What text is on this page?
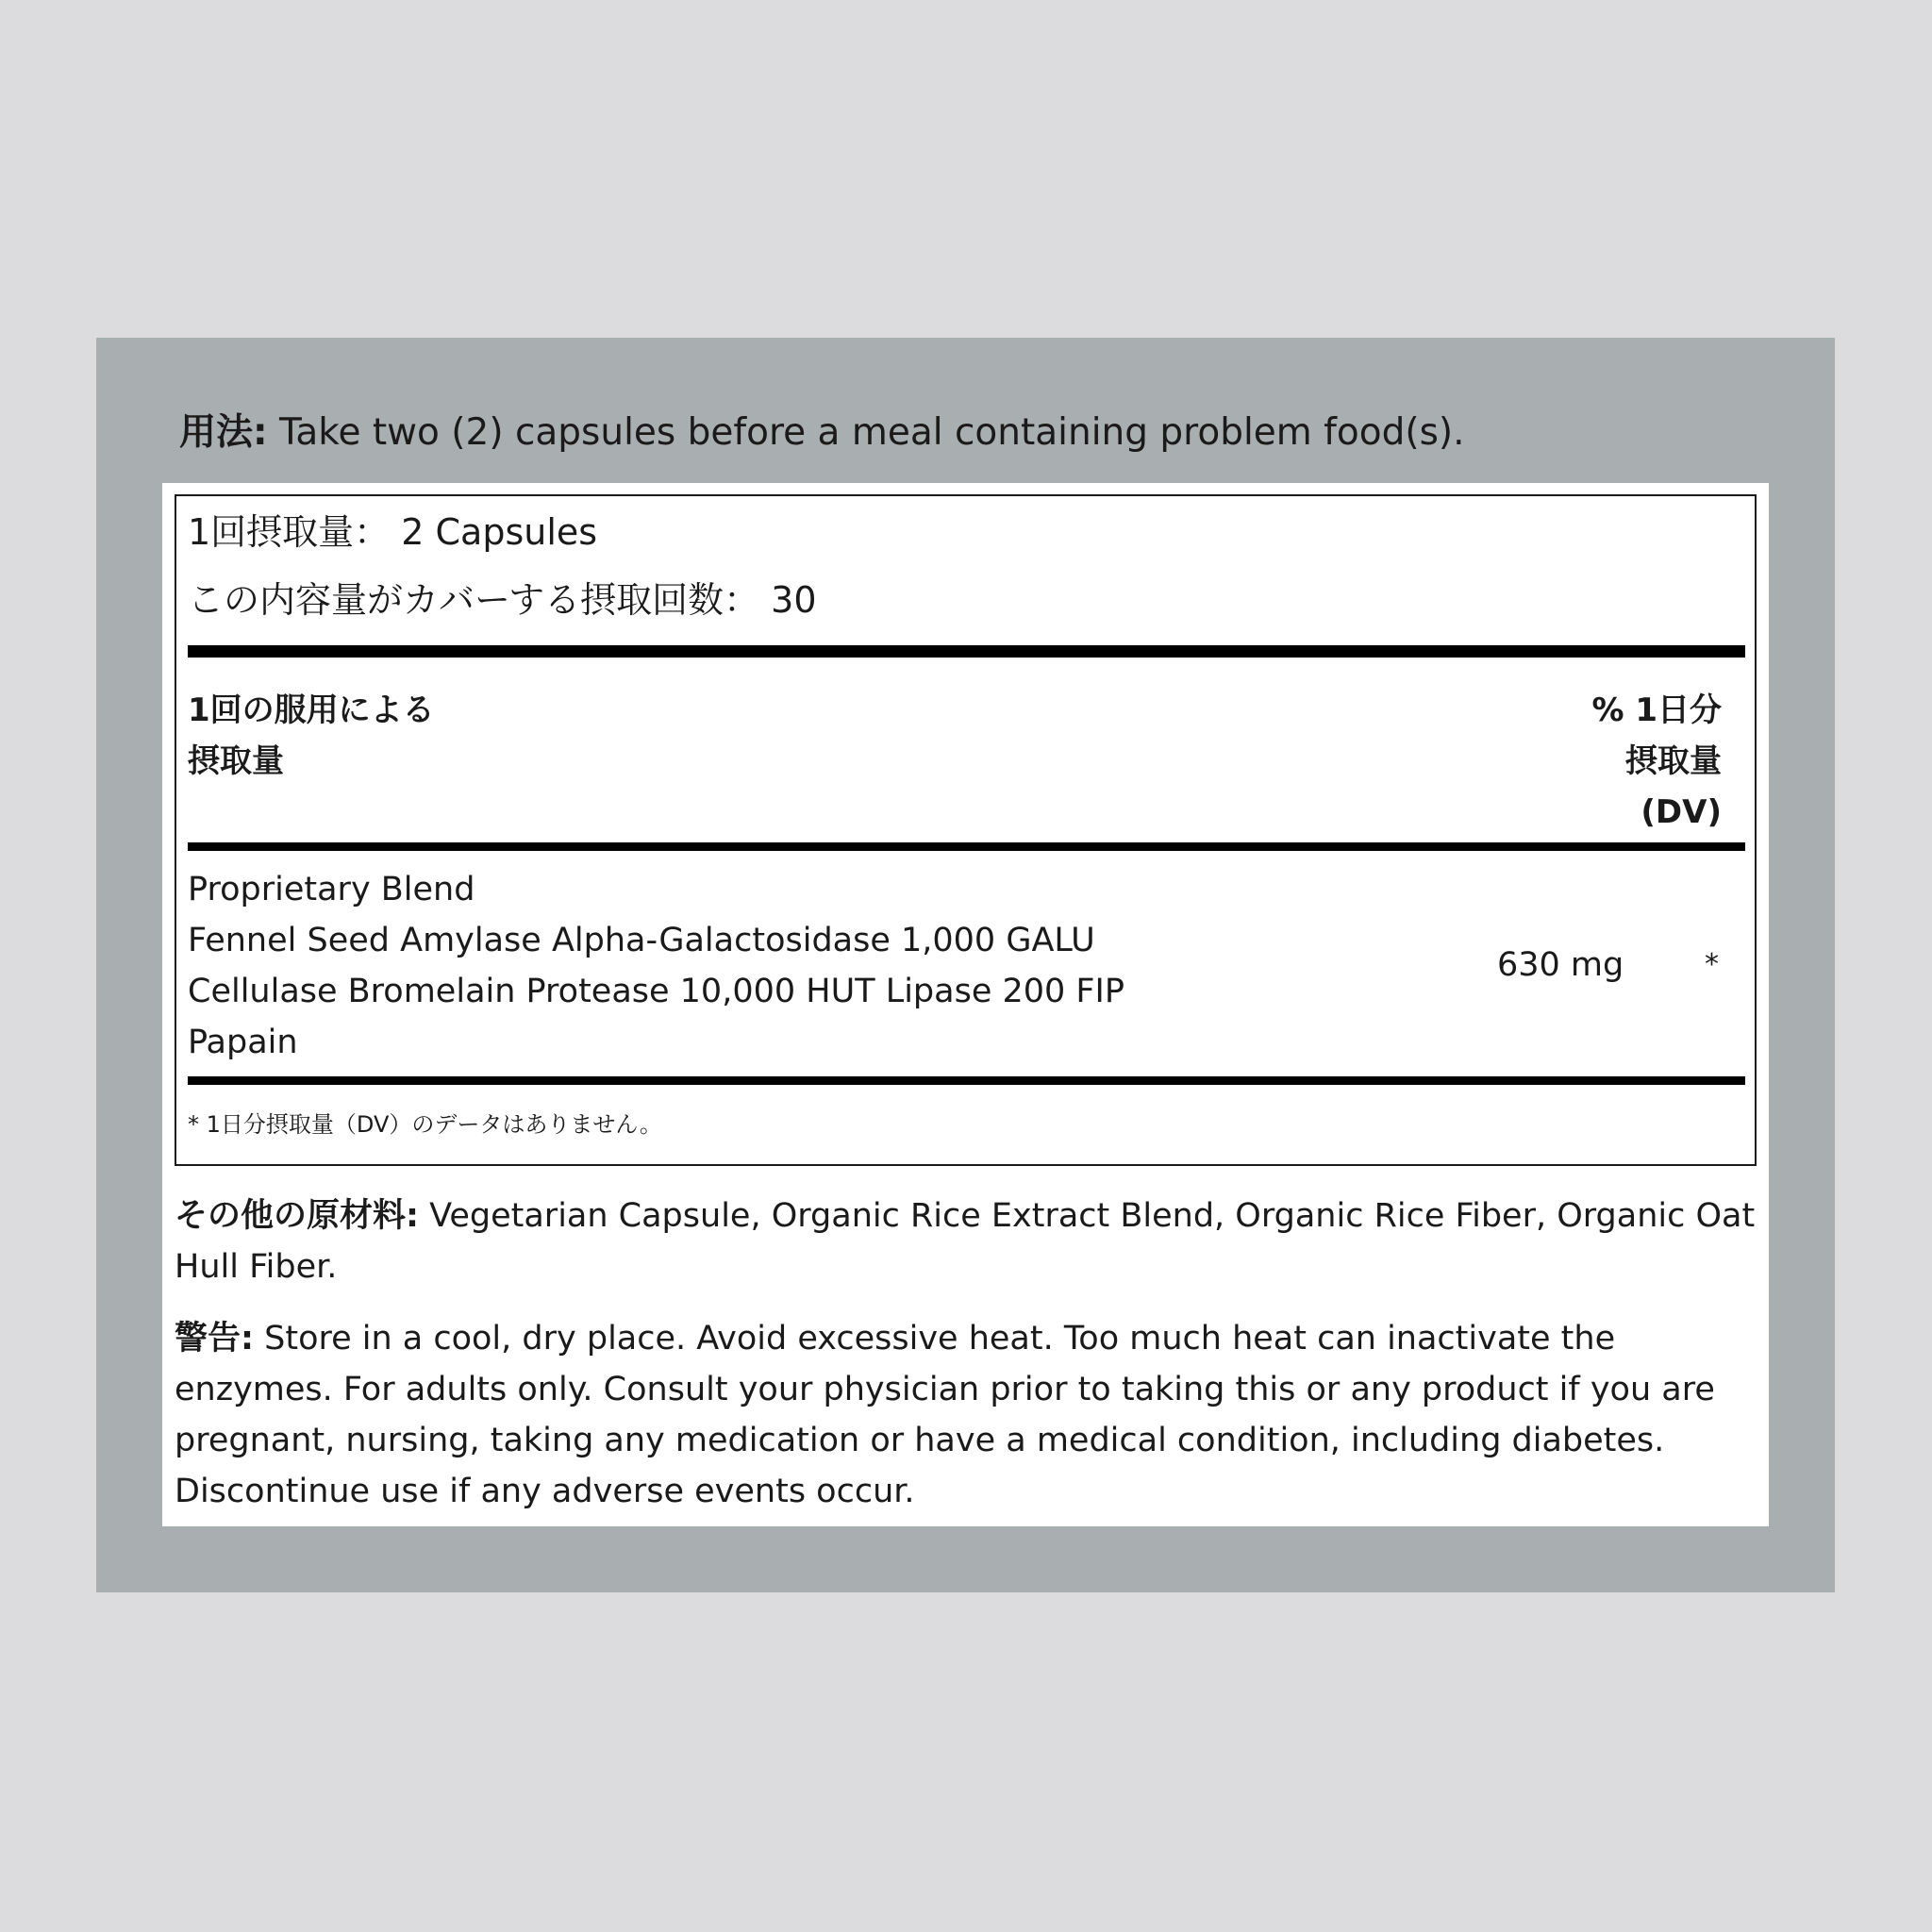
用法: Take two (2) capsules before a meal containing problem food(s).
1回摂取量： 2 Capsules
この内容量がカバーする摂取回数： 30
1回の服用による
摂取量
% 1日分
摂取量
(DV)
Proprietary Blend
Fennel Seed Amylase Alpha-Galactosidase 1,000 GALU
Cellulase Bromelain Protease 10,000 HUT Lipase 200 FIP
Papain
630 mg	*
* 1日分摂取量（DV）のデータはありません。
その他の原材料: Vegetarian Capsule, Organic Rice Extract Blend, Organic Rice Fiber, Organic Oat Hull Fiber.
警告: Store in a cool, dry place. Avoid excessive heat. Too much heat can inactivate the enzymes. For adults only. Consult your physician prior to taking this or any product if you are pregnant, nursing, taking any medication or have a medical condition, including diabetes. Discontinue use if any adverse events occur.
